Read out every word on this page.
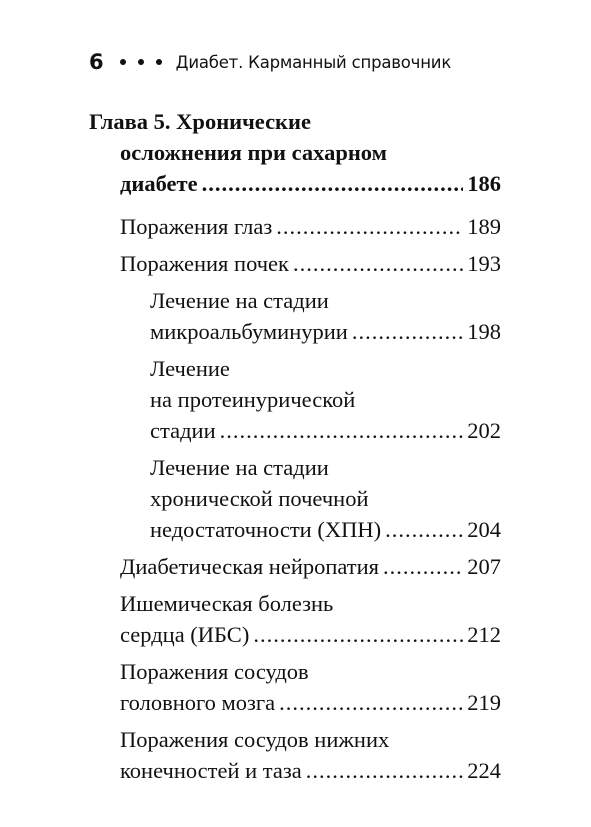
6	Диабет. Карманный справочник
Глава 5. Хронические
осложнения при сахарном
диабете .....	186
Поражения глаз .....	189
Поражения почек .....	193
Лечение на стадии
микроальбуминурии .....	198
Лечение
на протеинурической
стадии .....	202
Лечение на стадии
хронической почечной
недостаточности (ХПН) .....	204
Диабетическая нейропатия .....	207
Ишемическая болезнь
сердца (ИБС) .....	212
Поражения сосудов
головного мозга .....	219
Поражения сосудов нижних
конечностей и таза .....	224
